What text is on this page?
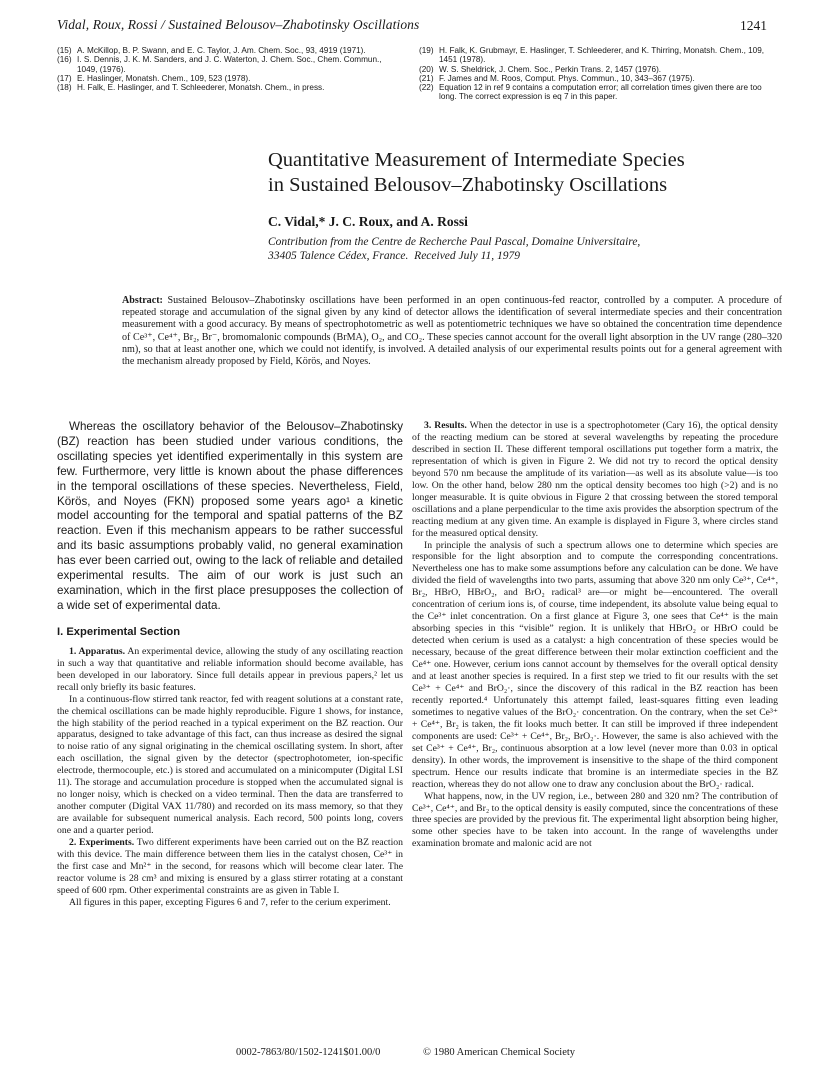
Vidal, Roux, Rossi / Sustained Belousov–Zhabotinsky Oscillations	1241
(15) A. McKillop, B. P. Swann, and E. C. Taylor, J. Am. Chem. Soc., 93, 4919 (1971).
(16) I. S. Dennis, J. K. M. Sanders, and J. C. Waterton, J. Chem. Soc., Chem. Commun., 1049, (1976).
(17) E. Haslinger, Monatsh. Chem., 109, 523 (1978).
(18) H. Falk, E. Haslinger, and T. Schleederer, Monatsh. Chem., in press.
(19) H. Falk, K. Grubmayr, E. Haslinger, T. Schleederer, and K. Thirring, Monatsh. Chem., 109, 1451 (1978).
(20) W. S. Sheldrick, J. Chem. Soc., Perkin Trans. 2, 1457 (1976).
(21) F. James and M. Roos, Comput. Phys. Commun., 10, 343–367 (1975).
(22) Equation 12 in ref 9 contains a computation error; all correlation times given there are too long. The correct expression is eq 7 in this paper.
Quantitative Measurement of Intermediate Species
in Sustained Belousov–Zhabotinsky Oscillations
C. Vidal,* J. C. Roux, and A. Rossi
Contribution from the Centre de Recherche Paul Pascal, Domaine Universitaire,
33405 Talence Cédex, France. Received July 11, 1979
Abstract: Sustained Belousov–Zhabotinsky oscillations have been performed in an open continuous-fed reactor, controlled by a computer. A procedure of repeated storage and accumulation of the signal given by any kind of detector allows the identification of several intermediate species and their concentration measurement with a good accuracy. By means of spectrophotometric as well as potentiometric techniques we have so obtained the concentration time dependence of Ce³⁺, Ce⁴⁺, Br₂, Br⁻, bromomalonic compounds (BrMA), O₂, and CO₂. These species cannot account for the overall light absorption in the UV range (280–320 nm), so that at least another one, which we could not identify, is involved. A detailed analysis of our experimental results points out for a general agreement with the mechanism already proposed by Field, Körös, and Noyes.

Whereas the oscillatory behavior of the Belousov–Zhabotinsky (BZ) reaction has been studied under various conditions, the oscillating species yet identified experimentally in this system are few. Furthermore, very little is known about the phase differences in the temporal oscillations of these species. Nevertheless, Field, Körös, and Noyes (FKN) proposed some years ago¹ a kinetic model accounting for the temporal and spatial patterns of the BZ reaction. Even if this mechanism appears to be rather successful and its basic assumptions probably valid, no general examination has ever been carried out, owing to the lack of reliable and detailed experimental results. The aim of our work is just such an examination, which in the first place presupposes the collection of a wide set of experimental data.

I. Experimental Section

1. Apparatus. An experimental device, allowing the study of any oscillating reaction in such a way that quantitative and reliable information should become available, has been developed in our laboratory. Since full details appear in previous papers,² let us recall only briefly its basic features.

In a continuous-flow stirred tank reactor, fed with reagent solutions at a constant rate, the chemical oscillations can be made highly reproducible. Figure 1 shows, for instance, the high stability of the period reached in a typical experiment on the BZ reaction. Our apparatus, designed to take advantage of this fact, can thus increase as desired the signal to noise ratio of any signal originating in the chemical oscillating system. In short, after each oscillation, the signal given by the detector (spectrophotometer, ion-specific electrode, thermocouple, etc.) is stored and accumulated on a minicomputer (Digital LSI 11). The storage and accumulation procedure is stopped when the accumulated signal is no longer noisy, which is checked on a video terminal. Then the data are transferred to another computer (Digital VAX 11/780) and recorded on its mass memory, so that they are available for subsequent numerical analysis. Each record, 500 points long, covers one and a quarter period.

2. Experiments. Two different experiments have been carried out on the BZ reaction with this device. The main difference between them lies in the catalyst chosen, Ce³⁺ in the first case and Mn²⁺ in the second, for reasons which will become clear later. The reactor volume is 28 cm³ and mixing is ensured by a glass stirrer rotating at a constant speed of 600 rpm. Other experimental constraints are as given in Table I.

All figures in this paper, excepting Figures 6 and 7, refer to the cerium experiment.

3. Results. When the detector in use is a spectrophotometer (Cary 16), the optical density of the reacting medium can be stored at several wavelengths by repeating the procedure described in section II. These different temporal oscillations put together form a matrix, the representation of which is given in Figure 2. We did not try to record the optical density beyond 570 nm because the amplitude of its variation—as well as its absolute value—is too low. On the other hand, below 280 nm the optical density becomes too high (>2) and is no longer measurable. It is quite obvious in Figure 2 that crossing between the stored temporal oscillations and a plane perpendicular to the time axis provides the absorption spectrum of the reacting medium at any given time. An example is displayed in Figure 3, where circles stand for the measured optical density.

In principle the analysis of such a spectrum allows one to determine which species are responsible for the light absorption and to compute the corresponding concentrations. Nevertheless one has to make some assumptions before any calculation can be done. We have divided the field of wavelengths into two parts, assuming that above 320 nm only Ce³⁺, Ce⁴⁺, Br₂, HBrO, HBrO₂, and BrO₂ radical³ are—or might be—encountered. The overall concentration of cerium ions is, of course, time independent, its absolute value being equal to the Ce³⁺ inlet concentration. On a first glance at Figure 3, one sees that Ce⁴⁺ is the main absorbing species in this “visible” region. It is unlikely that HBrO₂ or HBrO could be detected when cerium is used as a catalyst: a high concentration of these species would be necessary, because of the great difference between their molar extinction coefficient and the Ce⁴⁺ one. However, cerium ions cannot account by themselves for the overall optical density and at least another species is required. In a first step we tried to fit our results with the set Ce³⁺ + Ce⁴⁺ and BrO₂·, since the discovery of this radical in the BZ reaction has been recently reported.⁴ Unfortunately this attempt failed, least-squares fitting even leading sometimes to negative values of the BrO₂· concentration. On the contrary, when the set Ce³⁺ + Ce⁴⁺, Br₂ is taken, the fit looks much better. It can still be improved if three independent components are used: Ce³⁺ + Ce⁴⁺, Br₂, BrO₂·. However, the same is also achieved with the set Ce³⁺ + Ce⁴⁺, Br₂, continuous absorption at a low level (never more than 0.03 in optical density). In other words, the improvement is insensitive to the shape of the third component spectrum. Hence our results indicate that bromine is an intermediate species in the BZ reaction, whereas they do not allow one to draw any conclusion about the BrO₂· radical.

What happens, now, in the UV region, i.e., between 280 and 320 nm? The contribution of Ce³⁺, Ce⁴⁺, and Br₂ to the optical density is easily computed, since the concentrations of these three species are provided by the previous fit. The experimental light absorption being higher, some other species have to be taken into account. In the range of wavelengths under examination bromate and malonic acid are not

0002-7863/80/1502-1241$01.00/0	© 1980 American Chemical Society
